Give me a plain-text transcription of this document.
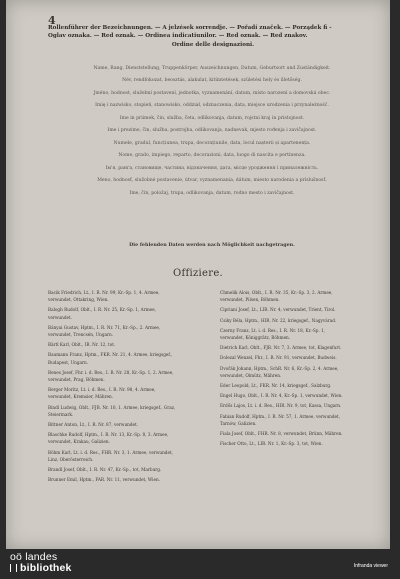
4
Rollenführer der Bezeichnungen. — A jelzések sorrendje. — Pořadí značek. — Porządek fi -
Oglav oznaka. — Red oznak. — Ordinea indicatiunilor. — Red oznak. — Red znakov.
Ordine delle designazioni.
Name, Rang, Dienststellung, Truppenkörper, Auszeichnungen, Datum, Geburtsort und Zuständigkeit.
Név, rendfokozat, beosztás, alakulat, kitüntetések, születési hely és illetőség.
Jméno, hodnost, služební postavení, jednotka, vyznamenání, datum, místo narození a domovská obec.
Imię i nazwisko, stopień, stanowisko, oddział, odznaczenia, data, miejsce urodzenia i przynależność.
Ime in priimek, čin, služba, četa, odlikovanja, datum, rojstni kraj in pristojnost.
Ime i prezime, čin, služba, postrojba, odlikovanja, nadnevak, mjesto rođenja i zavičajnost.
Numele, gradul, funcțiunea, trupa, decorațiunile, data, locul nașterii și apartenența.
Nome, grado, impiego, reparto, decorazioni, data, luogo di nascita e pertinenza.
Ім'я, ранґа, становище, частина, відзначення, дата, місце уродження і приналежність.
Meno, hodnosť, služobné postavenie, útvar, vyznamenania, dátum, miesto narodenia a príslušnosť.
Ime, čin, položaj, trupa, odlikovanja, datum, rodno mesto i zavičajnost.
Die fehlenden Daten werden nach Möglichkeit nachgetragen.
Offiziere.
Bacik Friedrich, Lt., I. R. Nr. 99, Kr.-Sp. 1, 4. Armee,
verwundet, Ottakring, Wien.
Balogh Rudolf, Oblt., I. R. Nr. 25, Kr.-Sp. 1, Armee,
verwundet.
Bányai Gustav, Hptm., I. R. Nr. 71, Kr.-Sp., 2. Armee,
verwundet, Trencsén, Ungarn.
Bärtl Karl, Oblt., IR. Nr. 12, tot.
Baumann Franz, Hptm., FKR. Nr. 21, 4. Armee, kriegsgef.,
Budapest, Ungarn.
Benes Josef, Fhr. i. d. Res., I. R. Nr. 28, Kr.-Sp. 1, 2. Armee,
verwundet, Prag, Böhmen.
Berger Moritz, Lt. i. d. Res., I. R. Nr. 98, 4. Armee,
verwundet, Kremsier, Mähren.
Bindl Ludwig, Oblt., FJB. Nr. 10, 1. Armee, kriegsgef., Graz,
Steiermark.
Bittner Anton, Lt., I. R. Nr. 87, verwundet.
Blaschke Rudolf, Hptm., I. R. Nr. 13, Kr.-Sp. 8, 3. Armee,
verwundet, Krakau, Galizien.
Böhm Karl, Lt. i. d. Res., FHR. Nr. 3, 1. Armee, verwundet,
Linz, Oberösterreich.
Brandl Josef, Oblt., I. R. Nr. 47, Kr.-Sp., tot, Marburg.
Brunner Emil, Hptm., FAR. Nr. 11, verwundet, Wien.
Chmelik Alois, Oblt., I. R. Nr. 35, Kr.-Sp. 3, 2. Armee,
verwundet, Pilsen, Böhmen.
Cipriani Josef, Lt., LIR. Nr. 4, verwundet, Trient, Tirol.
Csiky Béla, Hptm., HIR. Nr. 22, kriegsgef., Nagyvárad.
Czerny Franz, Lt. i. d. Res., I. R. Nr. 18, Kr.-Sp. 1,
verwundet, Königgrätz, Böhmen.
Dietrich Karl, Oblt., FJB. Nr. 7, 3. Armee, tot, Klagenfurt.
Dolezal Wenzel, Fhr., I. R. Nr. 91, verwundet, Budweis.
Dvořák Johann, Hptm., SchR. Nr. 6, Kr.-Sp. 2, 4. Armee,
verwundet, Olmütz, Mähren.
Eder Leopold, Lt., FKR. Nr. 14, kriegsgef., Salzburg.
Engel Hugo, Oblt., I. R. Nr. 4, Kr.-Sp. 1, verwundet, Wien.
Erdős Lajos, Lt. i. d. Res., HIR. Nr. 9, tot, Kassa, Ungarn.
Fabian Rudolf, Hptm., I. R. Nr. 57, 1. Armee, verwundet,
Tarnów, Galizien.
Fiala Josef, Oblt., FHR. Nr. 8, verwundet, Brünn, Mähren.
Fischer Otto, Lt., LIR. Nr. 1, Kr.-Sp. 3, tot, Wien.
oö landes
bibliothek	Infranda viewer
